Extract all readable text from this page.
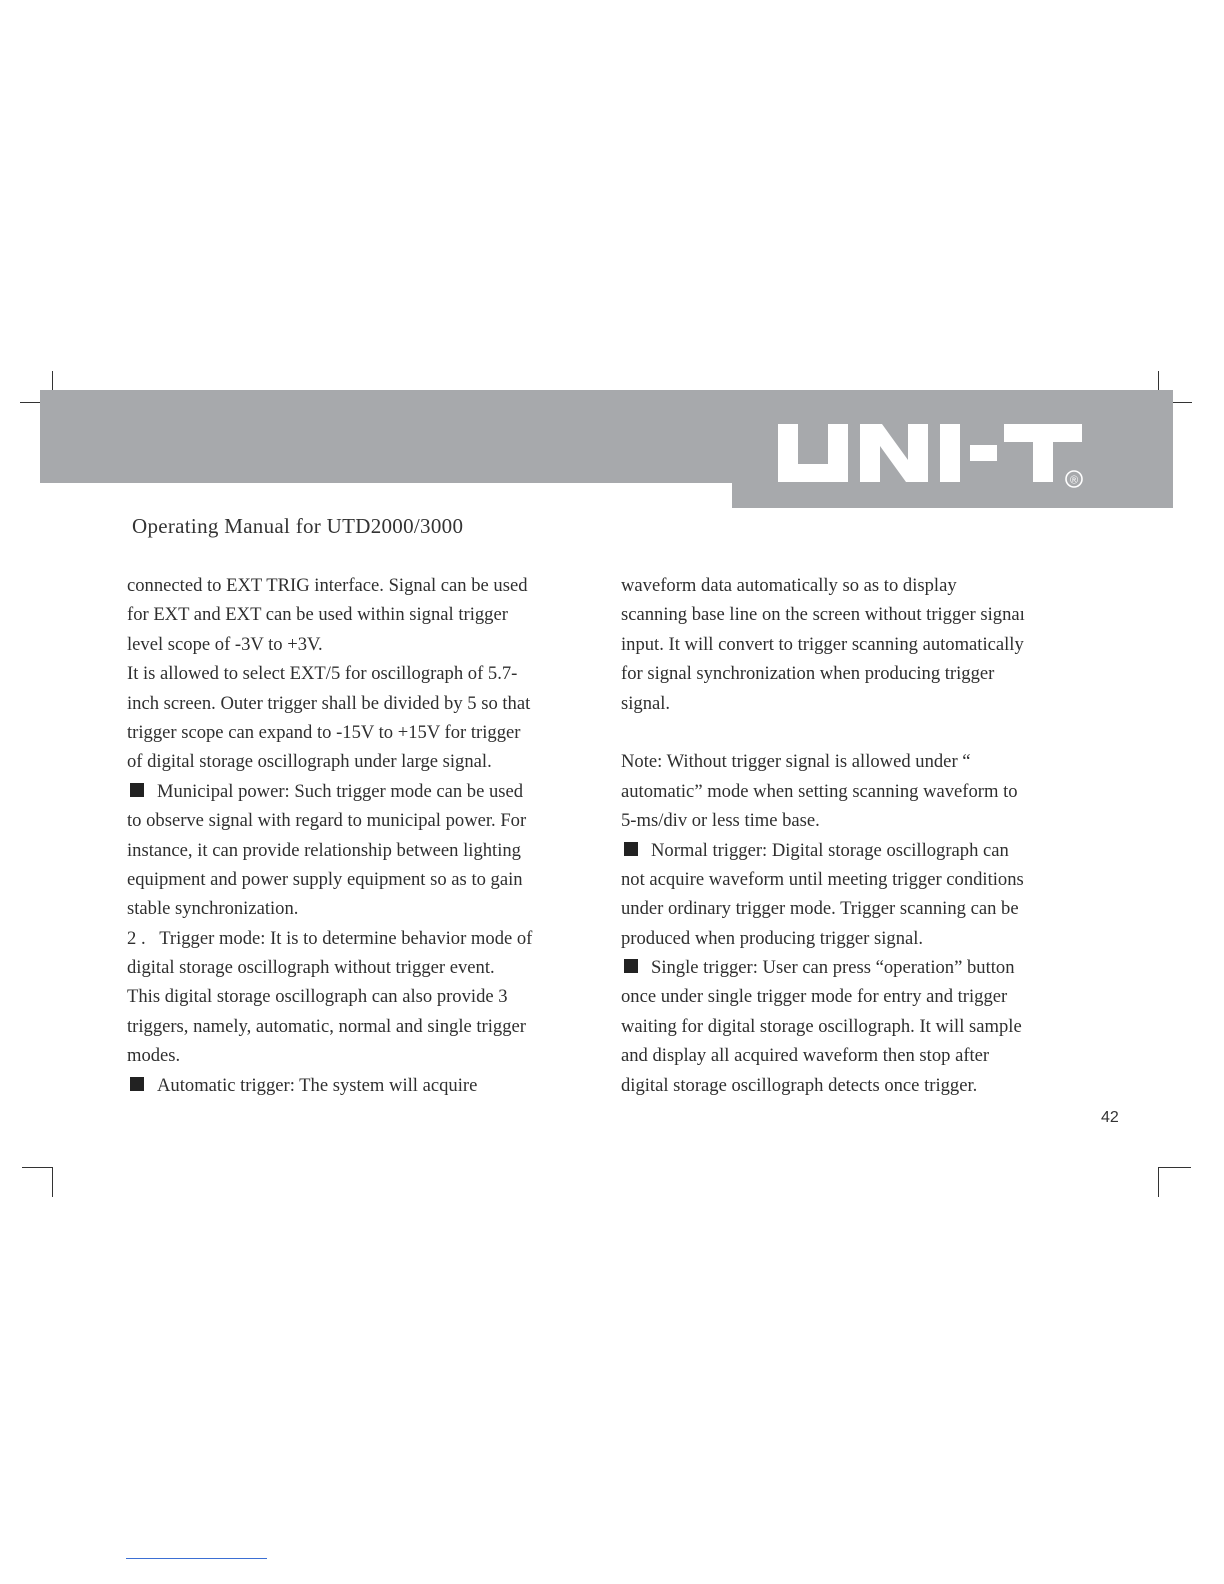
®
Operating Manual for UTD2000/3000
connected to EXT TRIG interface. Signal can be used
for EXT and EXT can be used within signal trigger
level scope of -3V to +3V.
It is allowed to select EXT/5 for oscillograph of 5.7-
inch screen. Outer trigger shall be divided by 5 so that
trigger scope can expand to -15V to +15V for trigger
of digital storage oscillograph under large signal.
Municipal power: Such trigger mode can be used
to observe signal with regard to municipal power. For
instance, it can provide relationship between lighting
equipment and power supply equipment so as to gain
stable synchronization.
2 .   Trigger mode: It is to determine behavior mode of
digital storage oscillograph without trigger event.
This digital storage oscillograph can also provide 3
triggers, namely, automatic, normal and single trigger
modes.
Automatic trigger: The system will acquire
waveform data automatically so as to display
scanning base line on the screen without trigger signaı
input. It will convert to trigger scanning automatically
for signal synchronization when producing trigger
signal.
Note: Without trigger signal is allowed under “
automatic” mode when setting scanning waveform to
5-ms/div or less time base.
Normal trigger: Digital storage oscillograph can
not acquire waveform until meeting trigger conditions
under ordinary trigger mode. Trigger scanning can be
produced when producing trigger signal.
Single trigger: User can press “operation” button
once under single trigger mode for entry and trigger
waiting for digital storage oscillograph. It will sample
and display all acquired waveform then stop after
digital storage oscillograph detects once trigger.
42
